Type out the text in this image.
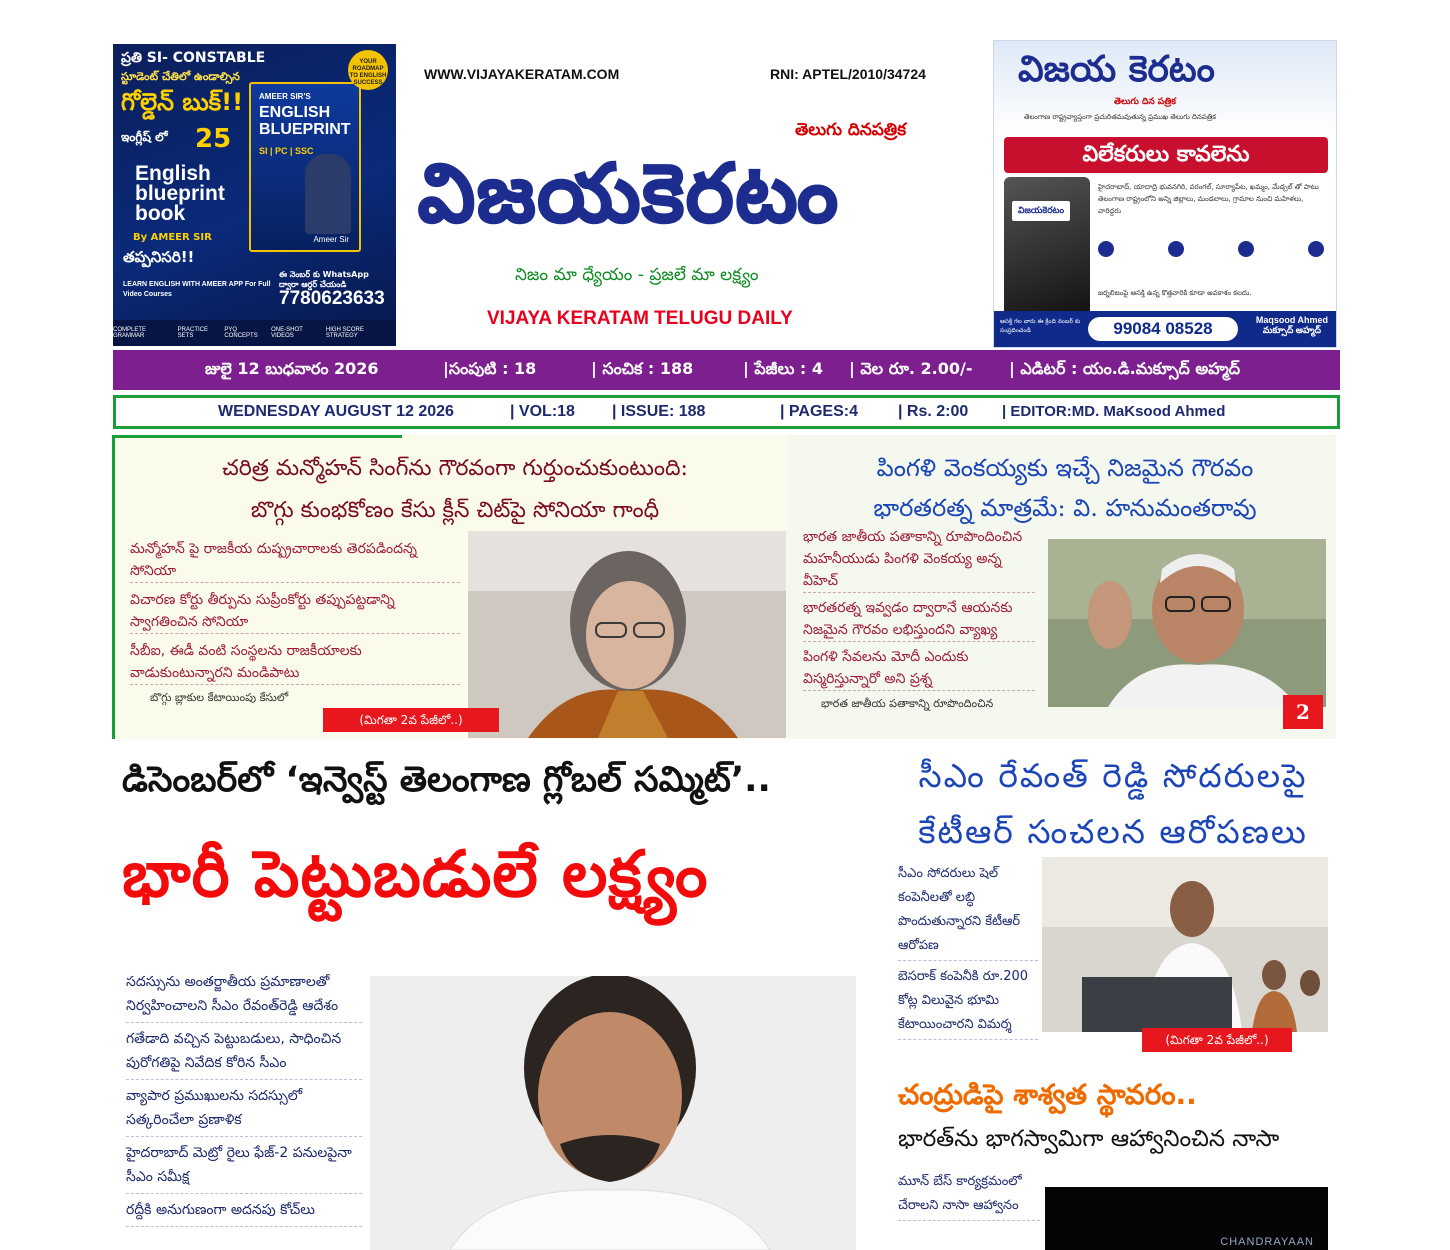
ప్రతి SI- CONSTABLE
స్టూడెంట్ చేతిలో ఉండాల్సిన
గోల్డెన్ బుక్!!
ఇంగ్లీష్ లో 25
English blueprint book
By AMEER SIR
తప్పనిసరి!!
AMEER SIR'S
ENGLISH BLUEPRINT
SI | PC | SSC
Ameer Sir
YOUR ROADMAP TO ENGLISH SUCCESS
ఈ నెంబర్ కు WhatsApp ద్వారా ఆర్డర్ చేయండి
7780623633
LEARN ENGLISH WITH AMEER APP For Full Video Courses
COMPLETE GRAMMAR
PRACTICE SETS
PYQ CONCEPTS
ONE-SHOT VIDEOS
HIGH SCORE STRATEGY
WWW.VIJAYAKERATAM.COM	RNI: APTEL/2010/34724
తెలుగు దినపత్రిక
విజయకెరటం
నిజం మా ధ్యేయం - ప్రజలే మా లక్ష్యం
VIJAYA KERATAM TELUGU DAILY
విజయ కెరటం
తెలుగు దిన పత్రిక
తెలంగాణ రాష్ట్రవ్యాప్తంగా ప్రచురితమవుతున్న ప్రముఖ తెలుగు దినపత్రిక
విలేకరులు కావలెను
విజయకెరటం
హైదరాబాద్, యాదాద్రి భువనగిరి, వరంగల్, సూర్యాపేట, ఖమ్మం, మేడ్చల్ తో పాటు తెలంగాణ రాష్ట్రంలోని అన్ని జిల్లాలు, మండలాలు, గ్రామాల నుంచి మహిళలు, వారిద్దరు
జర్నలిజంపై ఆసక్తి ఉన్న కొత్తవారికి కూడా అవకాశం కలదు.
ఆసక్తి గల వారు ఈ క్రింది నంబర్ కు సంప్రదించండి	99084 08528	Maqsood Ahmed
మక్సూద్ అహ్మద్
జులై 12 బుధవారం 2026	|సంపుటి : 18	| సంచిక : 188	| పేజీలు : 4 | వెల రూ. 2.00/- | ఎడిటర్ : యం.డి.మక్సూద్ అహ్మద్
WEDNESDAY AUGUST 12 2026	| VOL:18 | ISSUE: 188	| PAGES:4	| Rs. 2:00 | EDITOR:MD. MaKsood Ahmed
చరిత్ర మన్మోహన్ సింగ్‌ను గౌరవంగా గుర్తుంచుకుంటుంది:
బొగ్గు కుంభకోణం కేసు క్లీన్ చిట్‌పై సోనియా గాంధీ
మన్మోహన్ పై రాజకీయ దుష్ప్రచారాలకు తెరపడిందన్న సోనియా
విచారణ కోర్టు తీర్పును సుప్రీంకోర్టు తప్పుపట్టడాన్ని స్వాగతించిన సోనియా
సీబీఐ, ఈడీ వంటి సంస్థలను రాజకీయాలకు వాడుకుంటున్నారని మండిపాటు
బొగ్గు బ్లాకుల కేటాయింపు కేసులో
(మిగతా 2వ పేజీలో..)
పింగళి వెంకయ్యకు ఇచ్చే నిజమైన గౌరవం
భారతరత్న మాత్రమే: వి. హనుమంతరావు
భారత జాతీయ పతాకాన్ని రూపొందించిన మహనీయుడు పింగళి వెంకయ్య అన్న వీహెచ్
భారతరత్న ఇవ్వడం ద్వారానే ఆయనకు నిజమైన గౌరవం లభిస్తుందని వ్యాఖ్య
పింగళి సేవలను మోదీ ఎందుకు విస్మరిస్తున్నారో అని ప్రశ్న
భారత జాతీయ పతాకాన్ని రూపొందించిన	2
డిసెంబర్‌లో ‘ఇన్వెస్ట్ తెలంగాణ గ్లోబల్ సమ్మిట్’..
భారీ పెట్టుబడులే లక్ష్యం
సదస్సును అంతర్జాతీయ ప్రమాణాలతో నిర్వహించాలని సీఎం రేవంత్‌రెడ్డి ఆదేశం
గతేడాది వచ్చిన పెట్టుబడులు, సాధించిన పురోగతిపై నివేదిక కోరిన సీఎం
వ్యాపార ప్రముఖులను సదస్సులో సత్కరించేలా ప్రణాళిక
హైదరాబాద్ మెట్రో రైలు ఫేజ్-2 పనులపైనా సీఎం సమీక్ష
రద్దీకి అనుగుణంగా అదనపు కోచ్‌లు
సీఎం రేవంత్ రెడ్డి సోదరులపై
కేటీఆర్ సంచలన ఆరోపణలు
సీఎం సోదరులు షెల్ కంపెనీలతో లబ్ధి పొందుతున్నారని కేటీఆర్ ఆరోపణ
బెసరాక్ కంపెనీకి రూ.200 కోట్ల విలువైన భూమి కేటాయించారని విమర్శ
(మిగతా 2వ పేజీలో..)
చంద్రుడిపై శాశ్వత స్థావరం..
భారత్‌ను భాగస్వామిగా ఆహ్వానించిన నాసా
మూన్ బేస్ కార్యక్రమంలో చేరాలని నాసా ఆహ్వానం
CHANDRAYAAN
